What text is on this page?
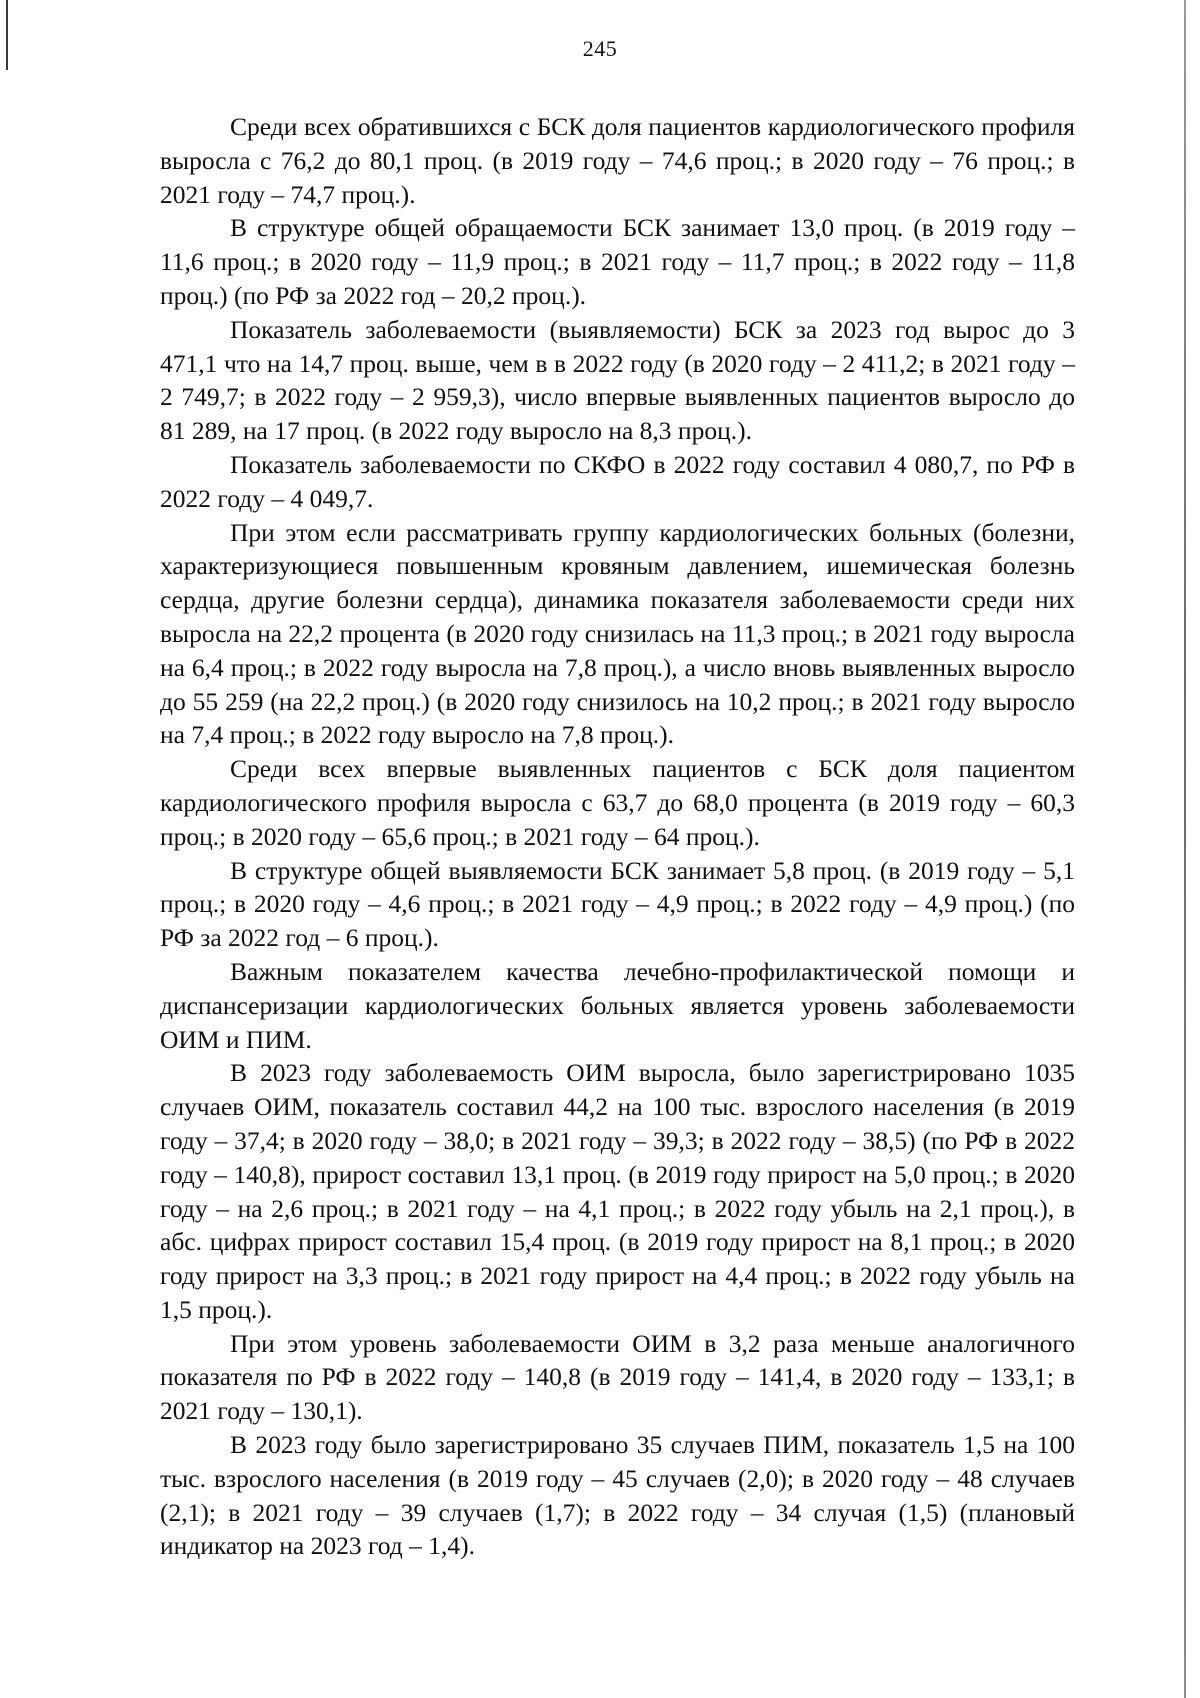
245

Среди всех обратившихся с БСК доля пациентов кардиологического профиля выросла с 76,2 до 80,1 проц. (в 2019 году – 74,6 проц.; в 2020 году – 76 проц.; в 2021 году – 74,7 проц.).

В структуре общей обращаемости БСК занимает 13,0 проц. (в 2019 году – 11,6 проц.; в 2020 году – 11,9 проц.; в 2021 году – 11,7 проц.; в 2022 году – 11,8 проц.) (по РФ за 2022 год – 20,2 проц.).

Показатель заболеваемости (выявляемости) БСК за 2023 год вырос до 3 471,1 что на 14,7 проц. выше, чем в в 2022 году (в 2020 году – 2 411,2; в 2021 году – 2 749,7; в 2022 году – 2 959,3), число впервые выявленных пациентов выросло до 81 289, на 17 проц. (в 2022 году выросло на 8,3 проц.).

Показатель заболеваемости по СКФО в 2022 году составил 4 080,7, по РФ в 2022 году – 4 049,7.

При этом если рассматривать группу кардиологических больных (болезни, характеризующиеся повышенным кровяным давлением, ишемическая болезнь сердца, другие болезни сердца), динамика показателя заболеваемости среди них выросла на 22,2 процента (в 2020 году снизилась на 11,3 проц.; в 2021 году выросла на 6,4 проц.; в 2022 году выросла на 7,8 проц.), а число вновь выявленных выросло до 55 259 (на 22,2 проц.) (в 2020 году снизилось на 10,2 проц.; в 2021 году выросло на 7,4 проц.; в 2022 году выросло на 7,8 проц.).

Среди всех впервые выявленных пациентов с БСК доля пациентом кардиологического профиля выросла с 63,7 до 68,0 процента (в 2019 году – 60,3 проц.; в 2020 году – 65,6 проц.; в 2021 году – 64 проц.).

В структуре общей выявляемости БСК занимает 5,8 проц. (в 2019 году – 5,1 проц.; в 2020 году – 4,6 проц.; в 2021 году – 4,9 проц.; в 2022 году – 4,9 проц.) (по РФ за 2022 год – 6 проц.).

Важным показателем качества лечебно-профилактической помощи и диспансеризации кардиологических больных является уровень заболеваемости ОИМ и ПИМ.

В 2023 году заболеваемость ОИМ выросла, было зарегистрировано 1035 случаев ОИМ, показатель составил 44,2 на 100 тыс. взрослого населения (в 2019 году – 37,4; в 2020 году – 38,0; в 2021 году – 39,3; в 2022 году – 38,5) (по РФ в 2022 году – 140,8), прирост составил 13,1 проц. (в 2019 году прирост на 5,0 проц.; в 2020 году – на 2,6 проц.; в 2021 году – на 4,1 проц.; в 2022 году убыль на 2,1 проц.), в абс. цифрах прирост составил 15,4 проц. (в 2019 году прирост на 8,1 проц.; в 2020 году прирост на 3,3 проц.; в 2021 году прирост на 4,4 проц.; в 2022 году убыль на 1,5 проц.).

При этом уровень заболеваемости ОИМ в 3,2 раза меньше аналогичного показателя по РФ в 2022 году – 140,8 (в 2019 году – 141,4, в 2020 году – 133,1; в 2021 году – 130,1).

В 2023 году было зарегистрировано 35 случаев ПИМ, показатель 1,5 на 100 тыс. взрослого населения (в 2019 году – 45 случаев (2,0); в 2020 году – 48 случаев (2,1); в 2021 году – 39 случаев (1,7); в 2022 году – 34 случая (1,5) (плановый индикатор на 2023 год – 1,4).
